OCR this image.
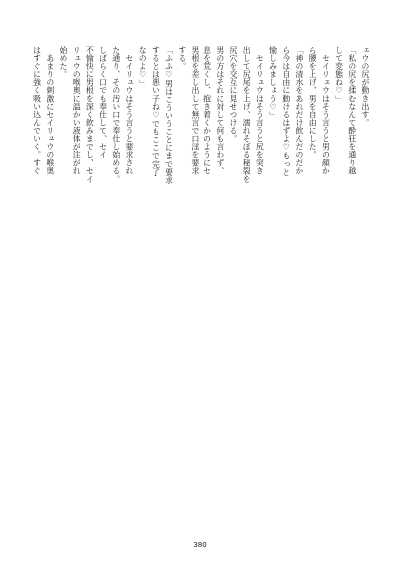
ェウの尻が動き出す。

「私の尻を揉むなんて酔狂を通り越

して変態ね♡」

　セイリュウはそう言うと男の顔か

ら腰を上げ、男を自由にした。

「神の清水をあれだけ飲んだのだか

ら今は自由に動けるはずよ♡もっと

愉しみましょう♡」

　セイリュウはそう言うと尻を突き

出して尻尾を上げ、濡れそぼる秘裂を

尻穴を交互に見せつける。

男の方はそれに対して何も言わず、

息を荒くし、抱き着くかのようにセ

男根を差し出して無言で口淫を要求

する。

「ふふ♡男はこういうことにまで要求

するとは悪い子ね♡でもここで完了

なのよ♡」

　セイリュウはそう言うと要求され

た通り、その汚い口で奉仕し始める。

しばらく口でも奉仕して、セイ

不愉快に男根を深く飲みまでし、セイ

リュウの喉奥に温かい液体が注がれ

始めた。

　あまりの刺激にセイリュウの喉奥

はすぐに強く吸い込んでいく。すぐ

380
